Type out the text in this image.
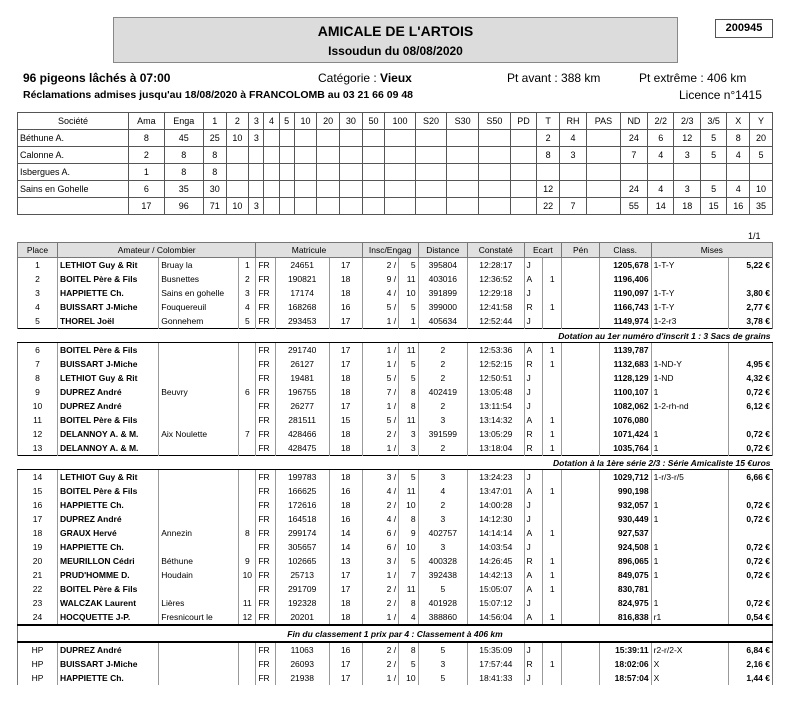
AMICALE DE L'ARTOIS
Issoudun du 08/08/2020
200945
96 pigeons lâchés à 07:00	Catégorie : Vieux	Pt avant : 388 km	Pt extrême : 406 km
Réclamations admises jusqu'au 18/08/2020 à FRANCOLOMB au 03 21 66 09 48	Licence n°1415
Société	Ama	Enga	1	2	3	4	5	10	20	30	50	100	S20	S30	S50	PD	T	RH	PAS	ND	2/2	2/3	3/5	X	Y
Béthune A.	8	45	25	10	3												2	4		24	6	12	5	8	20
Calonne A.	2	8	8														8	3		7	4	3	5	4	5
Isbergues A.	1	8	8																						
Sains en Gohelle	6	35	30														12			24	4	3	5	4	10
	17	96	71	10	3												22	7		55	14	18	15	16	35
1/1
Place	Amateur / Colombier			Matricule			Insc/Engag		Distance	Constaté	Ecart		Pén	Class.	Mises	
1	LETHIOT Guy & Rit	Bruay la	1	FR	24651	17	2 /	5	395804	12:28:17	J			1205,678	1-T-Y	5,22 €
2	BOITEL Père & Fils	Busnettes	2	FR	190821	18	9 /	11	403016	12:36:52	A	1		1196,406		
3	HAPPIETTE Ch.	Sains en gohelle	3	FR	17174	18	4 /	10	391899	12:29:18	J			1190,097	1-T-Y	3,80 €
4	BUISSART J-Miche	Fouquereuil	4	FR	168268	16	5 /	5	399000	12:41:58	R	1		1166,743	1-T-Y	2,77 €
5	THOREL Joël	Gonnehem	5	FR	293453	17	1 /	1	405634	12:52:44	J			1149,974	1-2-r3	3,78 €
Dotation au 1er numéro d'inscrit 1 : 3 Sacs de grains																
6	BOITEL Père & Fils			FR	291740	17	1 /	11	2	12:53:36	A	1		1139,787		
7	BUISSART J-Miche			FR	26127	17	1 /	5	2	12:52:15	R	1		1132,683	1-ND-Y	4,95 €
8	LETHIOT Guy & Rit			FR	19481	18	5 /	5	2	12:50:51	J			1128,129	1-ND	4,32 €
9	DUPREZ André	Beuvry	6	FR	196755	18	7 /	8	402419	13:05:48	J			1100,107	1	0,72 €
10	DUPREZ André			FR	26277	17	1 /	8	2	13:11:54	J			1082,062	1-2-rh-nd	6,12 €
11	BOITEL Père & Fils			FR	281511	15	5 /	11	3	13:14:32	A	1		1076,080		
12	DELANNOY A. & M.	Aix Noulette	7	FR	428466	18	2 /	3	391599	13:05:29	R	1		1071,424	1	0,72 €
13	DELANNOY A. & M.			FR	428475	18	1 /	3	2	13:18:04	R	1		1035,764	1	0,72 €
Dotation à la 1ère série 2/3 : Série Amicaliste 15 €uros																
14	LETHIOT Guy & Rit			FR	199783	18	3 /	5	3	13:24:23	J			1029,712	1-r/3-r/5	6,66 €
15	BOITEL Père & Fils			FR	166625	16	4 /	11	4	13:47:01	A	1		990,198		
16	HAPPIETTE Ch.			FR	172616	18	2 /	10	2	14:00:28	J			932,057	1	0,72 €
17	DUPREZ André			FR	164518	16	4 /	8	3	14:12:30	J			930,449	1	0,72 €
18	GRAUX Hervé	Annezin	8	FR	299174	14	6 /	9	402757	14:14:14	A	1		927,537		
19	HAPPIETTE Ch.			FR	305657	14	6 /	10	3	14:03:54	J			924,508	1	0,72 €
20	MEURILLON Cédri	Béthune	9	FR	102665	13	3 /	5	400328	14:26:45	R	1		896,065	1	0,72 €
21	PRUD'HOMME D.	Houdain	10	FR	25713	17	1 /	7	392438	14:42:13	A	1		849,075	1	0,72 €
22	BOITEL Père & Fils			FR	291709	17	2 /	11	5	15:05:07	A	1		830,781		
23	WALCZAK Laurent	Lières	11	FR	192328	18	2 /	8	401928	15:07:12	J			824,975	1	0,72 €
24	HOCQUETTE J-P.	Fresnicourt le	12	FR	20201	18	1 /	4	388860	14:56:04	A	1		816,838	r1	0,54 €
Fin du classement 1 prix par 4 : Classement à 406 km																
HP	DUPREZ André			FR	11063	16	2 /	8	5	15:35:09	J			15:39:11	r2-r/2-X	6,84 €
HP	BUISSART J-Miche			FR	26093	17	2 /	5	3	17:57:44	R	1		18:02:06	X	2,16 €
HP	HAPPIETTE Ch.			FR	21938	17	1 /	10	5	18:41:33	J			18:57:04	X	1,44 €
